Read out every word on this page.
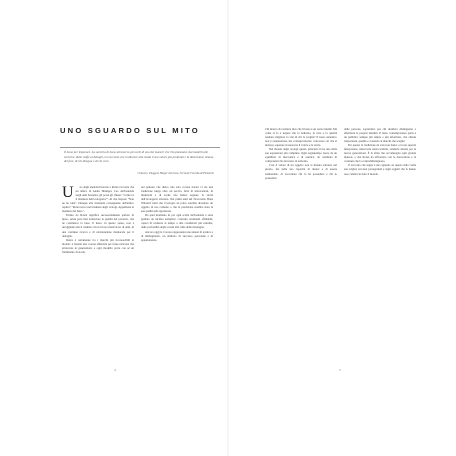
UNO SGUARDO SUL MITO
Il lusso per imparare. La sartoria di lusso attraverso gli occhi di uno dei maestri che l'ha plasmata: dai modelli alle tecniche, dalle stoffe ai dettagli, un racconto che restituisce alla moda il suo valore più profondo e la dimensione umana del fare, di chi disegna e di chi cuce.
Chiavery, Pluggeto Hinger del lusso. Ferrante Fuoriba dell'Emarite
U	no degli aneddoti intorno a Rolex racconta che un amico di Andre Heiniger, Ceo dell'azienda negli anni Sessanta, gli porse gli chiese: "Come va il business dell'orologeria?". Al che rispose: "Non ne ho idea". Dunque alla domanda conseguente dell'amico replicò: "Rolex non è nel business degli orologi. Appartiene al business del lusso".

Partire da Rolex significa necessariamente parlare di lusso, senza però mai tralasciare la qualità del prodotto, che ne costituisce la base. Il lusso, in questo senso, non è un'aggiunta ma il risultato di un lavoro meticoloso di anni, di una continua ricerca e di un'attenzione maniacale per il dettaglio.

Rolex è certamente tra i marchi più riconoscibili al mondo: è bastata una corona stilizzata per farne un'icona che attraversa le generazioni, e ogni modello porta con sé un frammento di storia.

nel pensare che dietro una sola corona dorata vi sia una tradizione lunga oltre un secolo, fatta di innovazioni, di intuizioni e di scelte che hanno segnato la storia dell'orologeria svizzera. Nei primi anni del Novecento Hans Wilsdorf intuì che l'orologio da polso sarebbe diventato un oggetto di uso comune, e che la precisione sarebbe stata la sua qualità più apprezzata.

Da quel momento in poi ogni scelta dell'azienda è stata guidata da un'idea semplice: costruire strumenti affidabili, capaci di resistere al tempo e alle condizioni più estreme, dalle profondità degli oceani alle cime delle montagne.

Ancora oggi la Corona rappresenta una sintesi di tecnica e di immaginario, un simbolo di successo personale e di appartenenza.

4

Chi manca di carattere dice che il lusso è un vezzo inutile. Ma come si fa a negare che la bellezza, la cura e la qualità rendano migliore la vita di chi le sceglie? Il lusso autentico non è ostentazione, ma consapevolezza: conoscere ciò che si indossa, saperne riconoscere il valore e la storia.

Nel mondo degli orologi questo principio trova una delle sue espressioni più compiute. Ogni segnatempo nasce da un equilibrio di meccanica e di estetica, da centinaia di componenti che lavorano in armonia.

Così il valore di un oggetto non si misura soltanto nel prezzo, ma nella sua capacità di durare e di essere tramandato, di raccontare chi lo ha posseduto e chi lo possederà.

delle persone, soprattutto per chi desidera distinguersi e affermare la propria identità. Il lusso contemporaneo parla a un pubblico sempre più ampio e più informato, che chiede trasparenza, qualità e coerenza ai marchi che sceglie.

Per questo la tradizione da sola non basta: occorre saperla interpretare, rinnovarla senza tradirla, renderla attuale per le nuove generazioni. È la sfida che accompagna ogni grande maison, e che Rolex ha affrontato con la discrezione e la costanza che la contraddistinguono.

Il racconto che segue è uno sguardo su questo mito: sulle sue origini, sui suoi protagonisti e sugli oggetti che lo hanno reso celebre in tutto il mondo.

5
